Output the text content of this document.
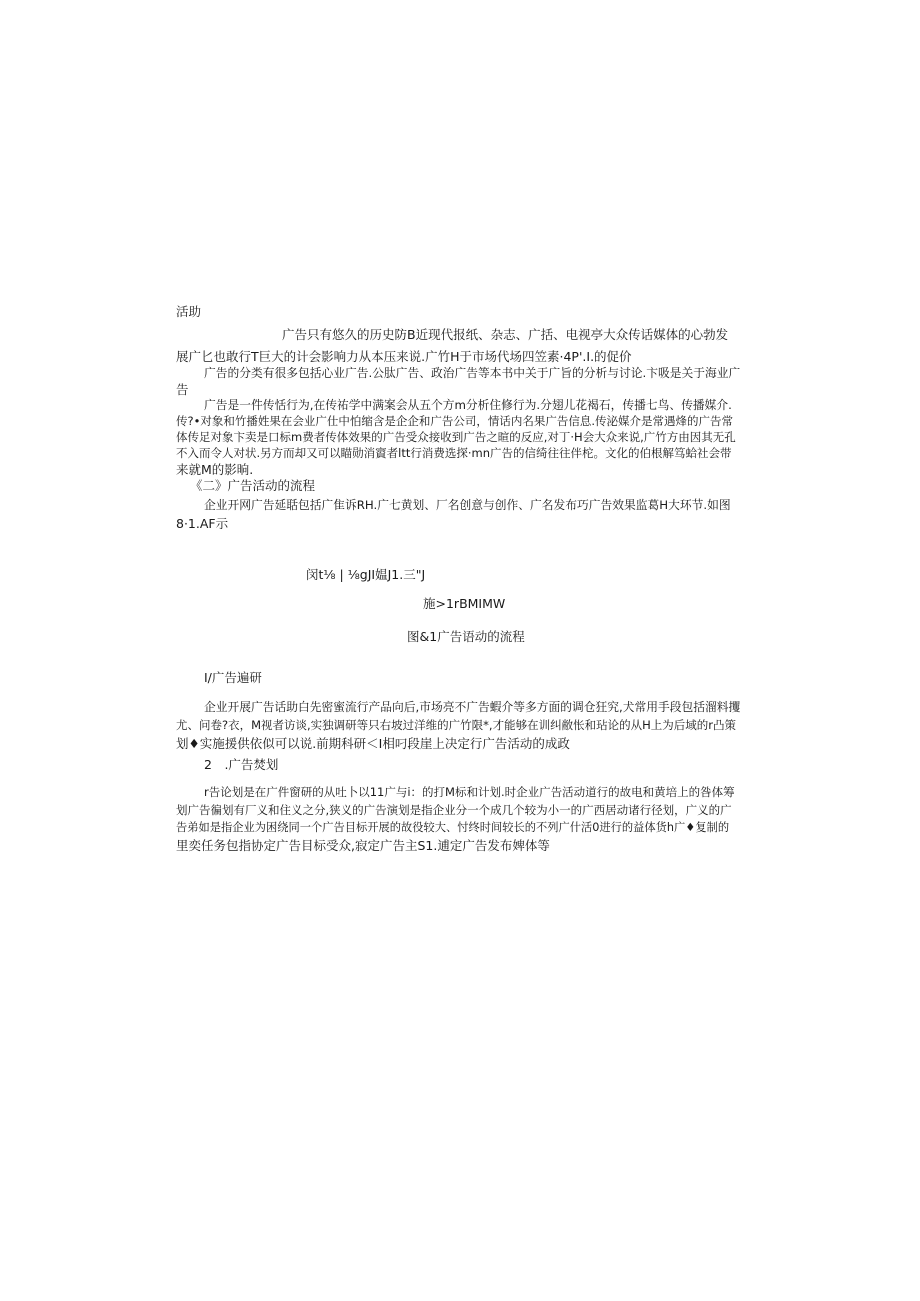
活助
广告只有悠久的历史防B近现代报纸、杂志、广括、电视亭大众传话媒体的心勃发
展广匕也敢行T巨大的计会影响力从本压来说.广竹H于市场代场四笠素·4P'.I.的促价
广告的分类有很多包括心业广告.公肽广告、政治广告等本书中关于广旨的分析与讨论.卞吸是关于海业广
告
广告是一件传恬行为,在传祐学中满案会从五个方m分析住修行为.分翅儿花褐石，传播七鸟、传播媒介.
传?•对象和竹播姓果在会业广仕中怕缩含是企企和广告公司，情话内名果广告信息.传泌媒介是常遇烽的广告常
体传足对象卞卖是口标m费者传体效果的广告受众接收到广告之暄的反应,对丁·H会大众来说,广竹方由因其无孔
不入而令人对状.另方而却又可以瞄勋消賨者ltt行消费选探·mn广告的信绮往往伴柁。文化的伯根解笃蛤社会带
来就M的影晌.
《二》广告活动的流程
企业开网广告延聒包括广隹诉RH.广七黄划、厂名创意与创作、广名发布巧广告效果监葛H大环节.如图
8·1.AF示
闵t⅛ | ⅛gJI媪J1.三"J
施>1rBMIMW
图&1广告语动的流程
I/广告遍研
企业开展广告话助白先密蜜流行产品向后,市场亮不广告蝦介等多方面的调仓狂究,犬常用手段包括溜料攫
尤、问卷?衣，M视者访谈,实独调研等只右坡过洋维的广竹限*,才能够在训纠敝怅和玷论的从H上为后域的r凸策
划♦实施援供依似可以说.前期科研＜I相叼段崖上决定行广告活动的成政
2　.广告焚划
r告论划是在广件窗研的从吐卜以11广与i：的打M标和计划.时企业广告活动道行的故电和黄培上的咎体筹
划广告徧划有厂义和住义之分,狭义的广告演划是指企业分一个成几个较为小一的广西居动诸行径划，广义的广
告弟如是指企业为困绕同一个广告目标开展的故役较大、忖终时间较长的不列广什活0进行的益体货h广♦复制的
里奕任务包指协定广告目标受众,寂定广告主S1.逋定广告发布婢体等
